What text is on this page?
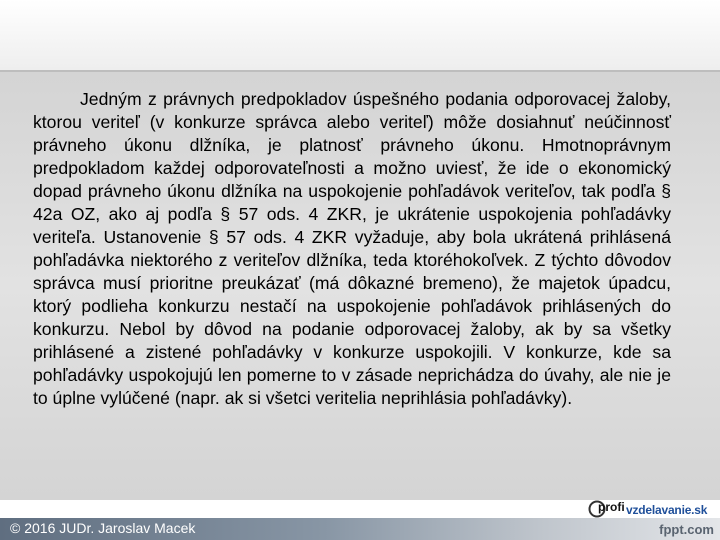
Jedným z právnych predpokladov úspešného podania odporovacej žaloby, ktorou veriteľ (v konkurze správca alebo veriteľ) môže dosiahnuť neúčinnosť právneho úkonu dlžníka, je platnosť právneho úkonu. Hmotnoprávnym predpokladom každej odporovateľnosti a možno uviesť, že ide o ekonomický dopad právneho úkonu dlžníka na uspokojenie pohľadávok veriteľov, tak podľa § 42a OZ, ako aj podľa § 57 ods. 4 ZKR, je ukrátenie uspokojenia pohľadávky veriteľa. Ustanovenie § 57 ods. 4 ZKR vyžaduje, aby bola ukrátená prihlásená pohľadávka niektorého z veriteľov dlžníka, teda ktoréhokoľvek. Z týchto dôvodov správca musí prioritne preukázať (má dôkazné bremeno), že majetok úpadcu, ktorý podlieha konkurzu nestačí na uspokojenie pohľadávok prihlásených do konkurzu. Nebol by dôvod na podanie odporovacej žaloby, ak by sa všetky prihlásené a zistené pohľadávky v konkurze uspokojili. V konkurze, kde sa pohľadávky uspokojujú len pomerne to v zásade neprichádza do úvahy, ale nie je to úplne vylúčené (napr. ak si všetci veritelia neprihlásia pohľadávky).

© 2016 JUDr. Jaroslav Macek
profi vzdelavanie.sk
fppt.com
